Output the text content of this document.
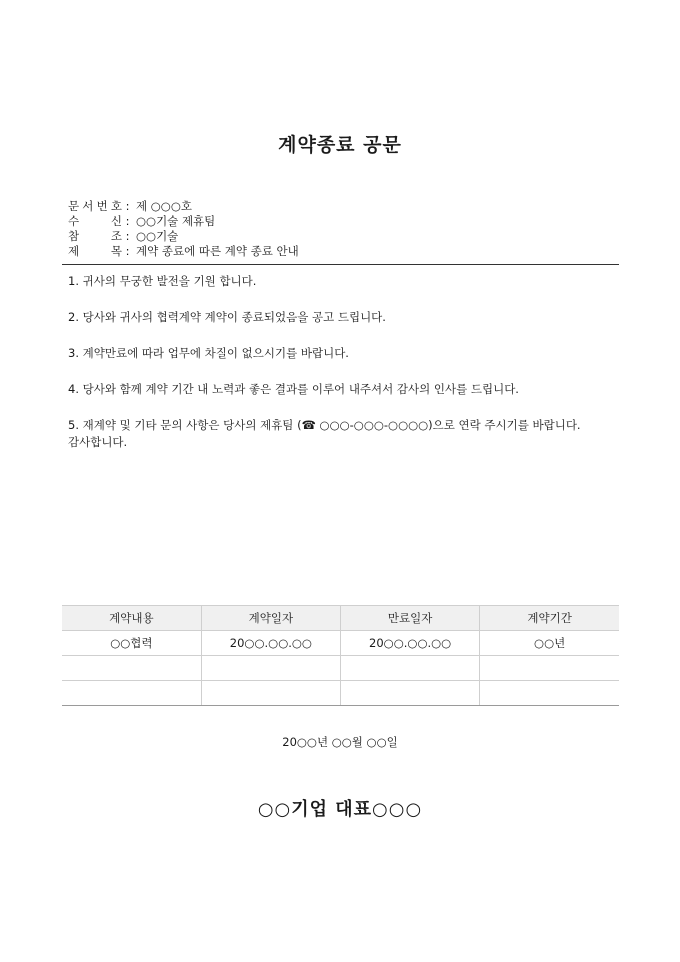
계약종료 공문
문 서 번 호 : 제 ○○○호
수	신 : ○○기술 제휴팀
참	조 : ○○기술
제	목 : 계약 종료에 따른 계약 종료 안내

1. 귀사의 무궁한 발전을 기원 합니다.

2. 당사와 귀사의 협력계약 계약이 종료되었음을 공고 드립니다.

3. 계약만료에 따라 업무에 차질이 없으시기를 바랍니다.

4. 당사와 함께 계약 기간 내 노력과 좋은 결과를 이루어 내주셔서 감사의 인사를 드립니다.

5. 재계약 및 기타 문의 사항은 당사의 제휴팀 (☎ ○○○-○○○-○○○○)으로 연락 주시기를 바랍니다. 감사합니다.

계약내용	계약일자	만료일자	계약기간
○○협력	20○○.○○.○○	20○○.○○.○○	○○년

20○○년 ○○월 ○○일
○○기업 대표○○○
